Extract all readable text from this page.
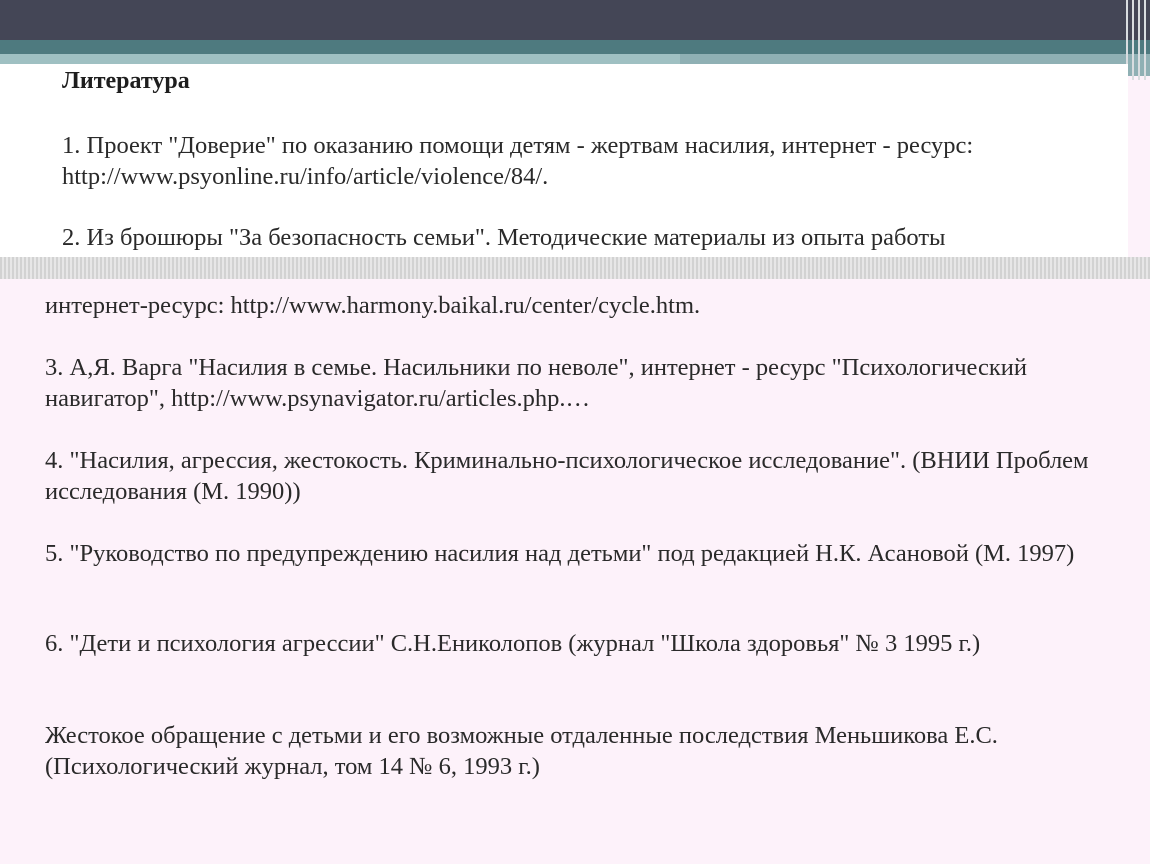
Литература
1. Проект "Доверие" по оказанию помощи детям - жертвам насилия, интернет - ресурс: http://www.psyonline.ru/info/article/violence/84/.
2. Из брошюры "За безопасность семьи". Методические материалы из опыта работы
интернет-ресурс: http://www.harmony.baikal.ru/center/cycle.htm.
3. А,Я. Варга "Насилия в семье. Насильники по неволе", интернет - ресурс "Психологический навигатор", http://www.psynavigator.ru/articles.php.…
4. "Насилия, агрессия, жестокость. Криминально-психологическое исследование". (ВНИИ Проблем исследования (М. 1990))
5. "Руководство по предупреждению насилия над детьми" под редакцией Н.К. Асановой (М. 1997)
6. "Дети и психология агрессии" С.Н.Ениколопов (журнал "Школа здоровья" № 3 1995 г.)
Жестокое обращение с детьми и его возможные отдаленные последствия Меньшикова Е.С. (Психологический журнал, том 14 № 6, 1993 г.)
